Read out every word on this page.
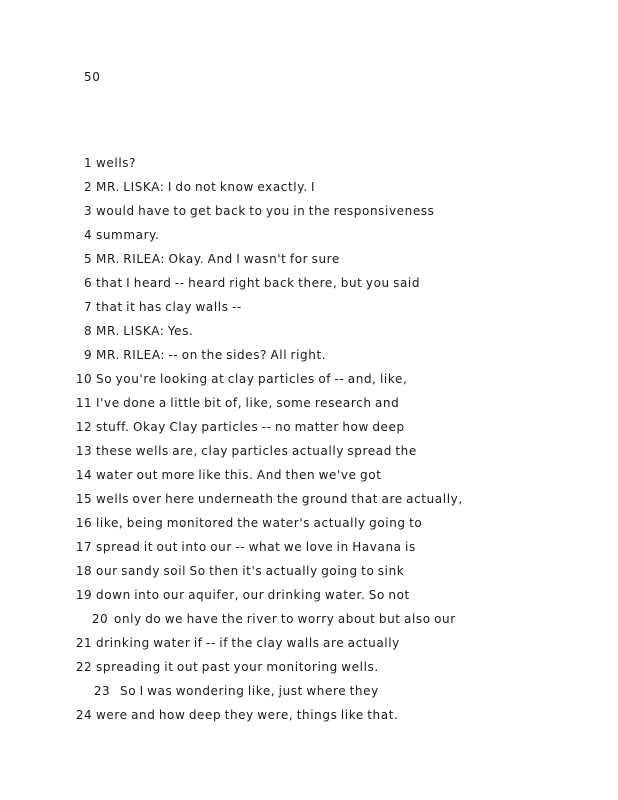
50
1 wells?
2 MR. LISKA: I do not know exactly. I
3 would have to get back to you in the responsiveness
4 summary.
5 MR. RILEA: Okay. And I wasn't for sure
6 that I heard -- heard right back there, but you said
7 that it has clay walls --
8 MR. LISKA: Yes.
9 MR. RILEA: -- on the sides? All right.
10 So you're looking at clay particles of -- and, like,
11 I've done a little bit of, like, some research and
12 stuff. Okay Clay particles -- no matter how deep
13 these wells are, clay particles actually spread the
14 water out more like this. And then we've got
15 wells over here underneath the ground that are actually,
16 like, being monitored the water's actually going to
17 spread it out into our -- what we love in Havana is
18 our sandy soil So then it's actually going to sink
19 down into our aquifer, our drinking water. So not
20 only do we have the river to worry about but also our
21 drinking water if -- if the clay walls are actually
22 spreading it out past your monitoring wells.
23 So I was wondering like, just where they
24 were and how deep they were, things like that.
